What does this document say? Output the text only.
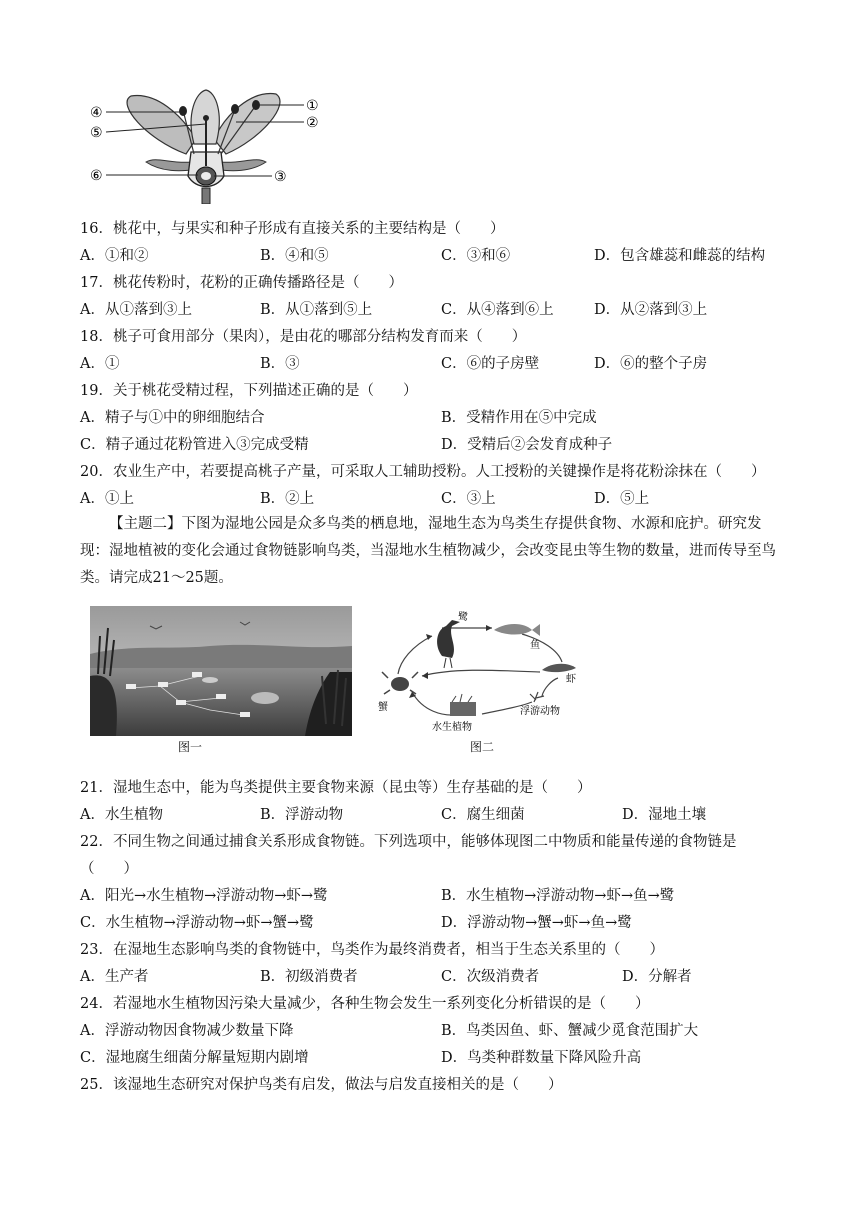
④
⑤
⑥
①
②
③
16．桃花中，与果实和种子形成有直接关系的主要结构是（　　）
A．①和②	B．④和⑤	C．③和⑥	D．包含雄蕊和雌蕊的结构
17．桃花传粉时，花粉的正确传播路径是（　　）
A．从①落到③上	B．从①落到⑤上	C．从④落到⑥上	D．从②落到③上
18．桃子可食用部分（果肉），是由花的哪部分结构发育而来（　　）
A．①	B．③	C．⑥的子房壁	D．⑥的整个子房
19．关于桃花受精过程，下列描述正确的是（　　）
A．精子与①中的卵细胞结合	B．受精作用在⑤中完成
C．精子通过花粉管进入③完成受精	D．受精后②会发育成种子
20．农业生产中，若要提高桃子产量，可采取人工辅助授粉。人工授粉的关键操作是将花粉涂抹在（　　）
A．①上	B．②上	C．③上	D．⑤上
【主题二】下图为湿地公园是众多鸟类的栖息地，湿地生态为鸟类生存提供食物、水源和庇护。研究发现：湿地植被的变化会通过食物链影响鸟类，当湿地水生植物减少，会改变昆虫等生物的数量，进而传导至鸟类。请完成21～25题。
图一
鹭
鱼
虾
蟹
水生植物
浮游动物
图二
21．湿地生态中，能为鸟类提供主要食物来源（昆虫等）生存基础的是（　　）
A．水生植物	B．浮游动物	C．腐生细菌	D．湿地土壤
22．不同生物之间通过捕食关系形成食物链。下列选项中，能够体现图二中物质和能量传递的食物链是
（　　）
A．阳光→水生植物→浮游动物→虾→鹭	B．水生植物→浮游动物→虾→鱼→鹭
C．水生植物→浮游动物→虾→蟹→鹭	D．浮游动物→蟹→虾→鱼→鹭
23．在湿地生态影响鸟类的食物链中，鸟类作为最终消费者，相当于生态关系里的（　　）
A．生产者	B．初级消费者	C．次级消费者	D．分解者
24．若湿地水生植物因污染大量减少，各种生物会发生一系列变化分析错误的是（　　）
A．浮游动物因食物减少数量下降	B．鸟类因鱼、虾、蟹减少觅食范围扩大
C．湿地腐生细菌分解量短期内剧增	D．鸟类种群数量下降风险升高
25．该湿地生态研究对保护鸟类有启发，做法与启发直接相关的是（　　）
